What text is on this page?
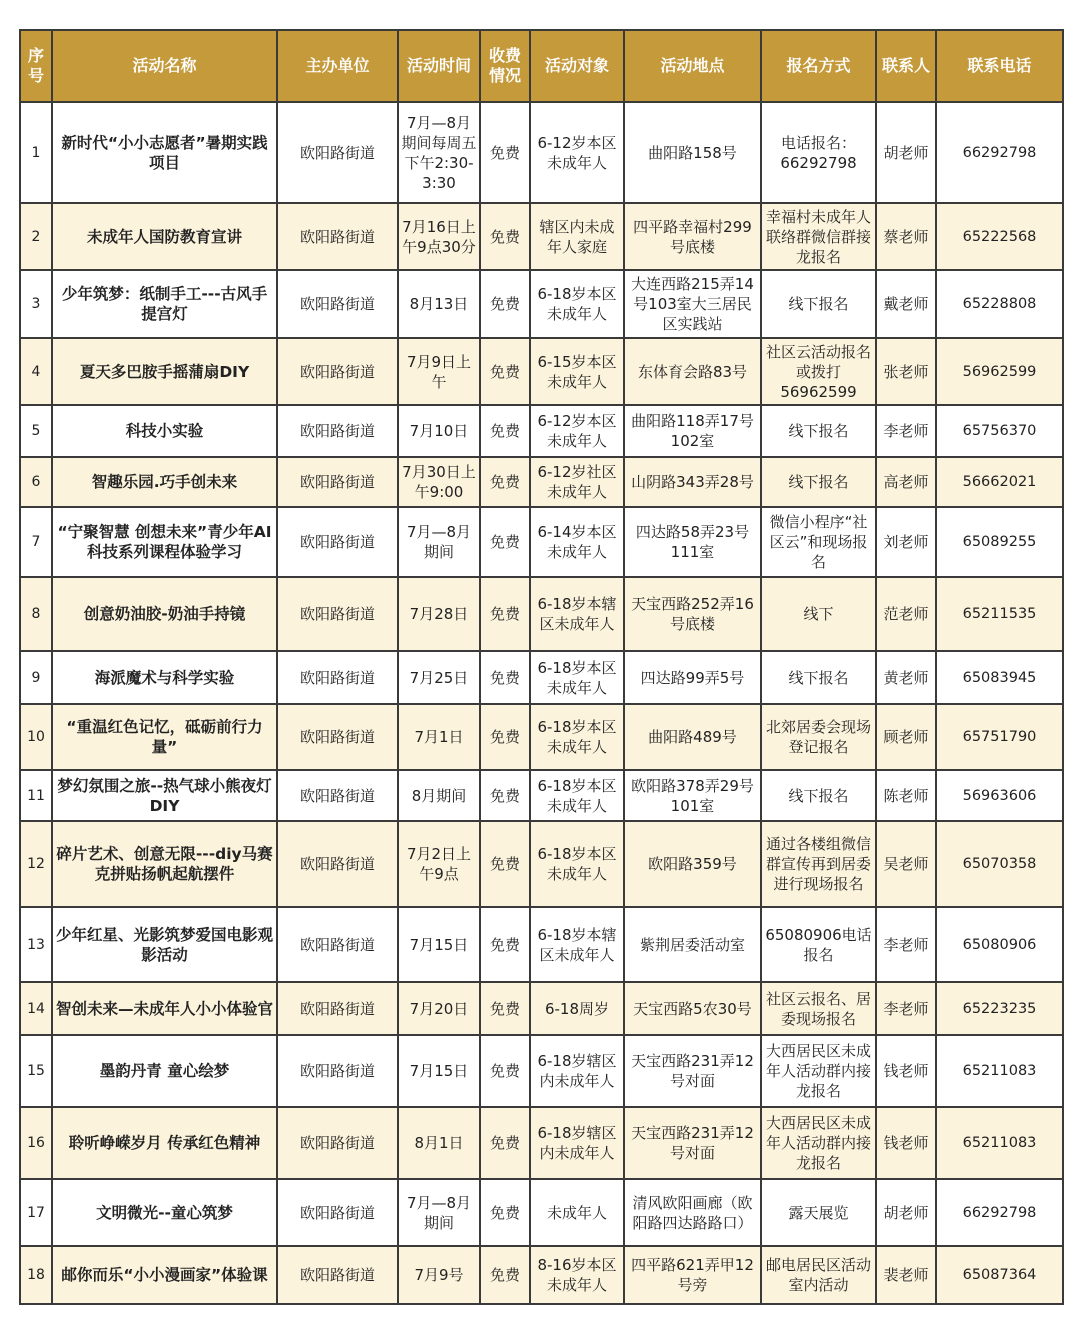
序号	活动名称	主办单位	活动时间	收费情况	活动对象	活动地点	报名方式	联系人	联系电话
1	新时代“小小志愿者”暑期实践项目	欧阳路街道	7月—8月期间每周五下午2:30-3:30	免费	6-12岁本区未成年人	曲阳路158号	电话报名：66292798	胡老师	66292798
2	未成年人国防教育宣讲	欧阳路街道	7月16日上午9点30分	免费	辖区内未成年人家庭	四平路幸福村299号底楼	幸福村未成年人联络群微信群接龙报名	蔡老师	65222568
3	少年筑梦：纸制手工---古风手提宫灯	欧阳路街道	8月13日	免费	6-18岁本区未成年人	大连西路215弄14号103室大三居民区实践站	线下报名	戴老师	65228808
4	夏天多巴胺手摇蒲扇DIY	欧阳路街道	7月9日上午	免费	6-15岁本区未成年人	东体育会路83号	社区云活动报名或拨打56962599	张老师	56962599
5	科技小实验	欧阳路街道	7月10日	免费	6-12岁本区未成年人	曲阳路118弄17号102室	线下报名	李老师	65756370
6	智趣乐园.巧手创未来	欧阳路街道	7月30日上午9:00	免费	6-12岁社区未成年人	山阴路343弄28号	线下报名	高老师	56662021
7	“宁聚智慧 创想未来”青少年AI科技系列课程体验学习	欧阳路街道	7月—8月期间	免费	6-14岁本区未成年人	四达路58弄23号111室	微信小程序“社区云”和现场报名	刘老师	65089255
8	创意奶油胶-奶油手持镜	欧阳路街道	7月28日	免费	6-18岁本辖区未成年人	天宝西路252弄16号底楼	线下	范老师	65211535
9	海派魔术与科学实验	欧阳路街道	7月25日	免费	6-18岁本区未成年人	四达路99弄5号	线下报名	黄老师	65083945
10	“重温红色记忆，砥砺前行力量”	欧阳路街道	7月1日	免费	6-18岁本区未成年人	曲阳路489号	北郊居委会现场登记报名	顾老师	65751790
11	梦幻氛围之旅--热气球小熊夜灯DIY	欧阳路街道	8月期间	免费	6-18岁本区未成年人	欧阳路378弄29号101室	线下报名	陈老师	56963606
12	碎片艺术、创意无限---diy马赛克拼贴扬帆起航摆件	欧阳路街道	7月2日上午9点	免费	6-18岁本区未成年人	欧阳路359号	通过各楼组微信群宣传再到居委进行现场报名	吴老师	65070358
13	少年红星、光影筑梦爱国电影观影活动	欧阳路街道	7月15日	免费	6-18岁本辖区未成年人	紫荆居委活动室	65080906电话报名	李老师	65080906
14	智创未来—未成年人小小体验官	欧阳路街道	7月20日	免费	6-18周岁	天宝西路5农30号	社区云报名、居委现场报名	李老师	65223235
15	墨韵丹青 童心绘梦	欧阳路街道	7月15日	免费	6-18岁辖区内未成年人	天宝西路231弄12号对面	大西居民区未成年人活动群内接龙报名	钱老师	65211083
16	聆听峥嵘岁月 传承红色精神	欧阳路街道	8月1日	免费	6-18岁辖区内未成年人	天宝西路231弄12号对面	大西居民区未成年人活动群内接龙报名	钱老师	65211083
17	文明微光--童心筑梦	欧阳路街道	7月—8月期间	免费	未成年人	清风欧阳画廊（欧阳路四达路路口）	露天展览	胡老师	66292798
18	邮你而乐“小小漫画家”体验课	欧阳路街道	7月9号	免费	8-16岁本区未成年人	四平路621弄甲12号旁	邮电居民区活动室内活动	裴老师	65087364
